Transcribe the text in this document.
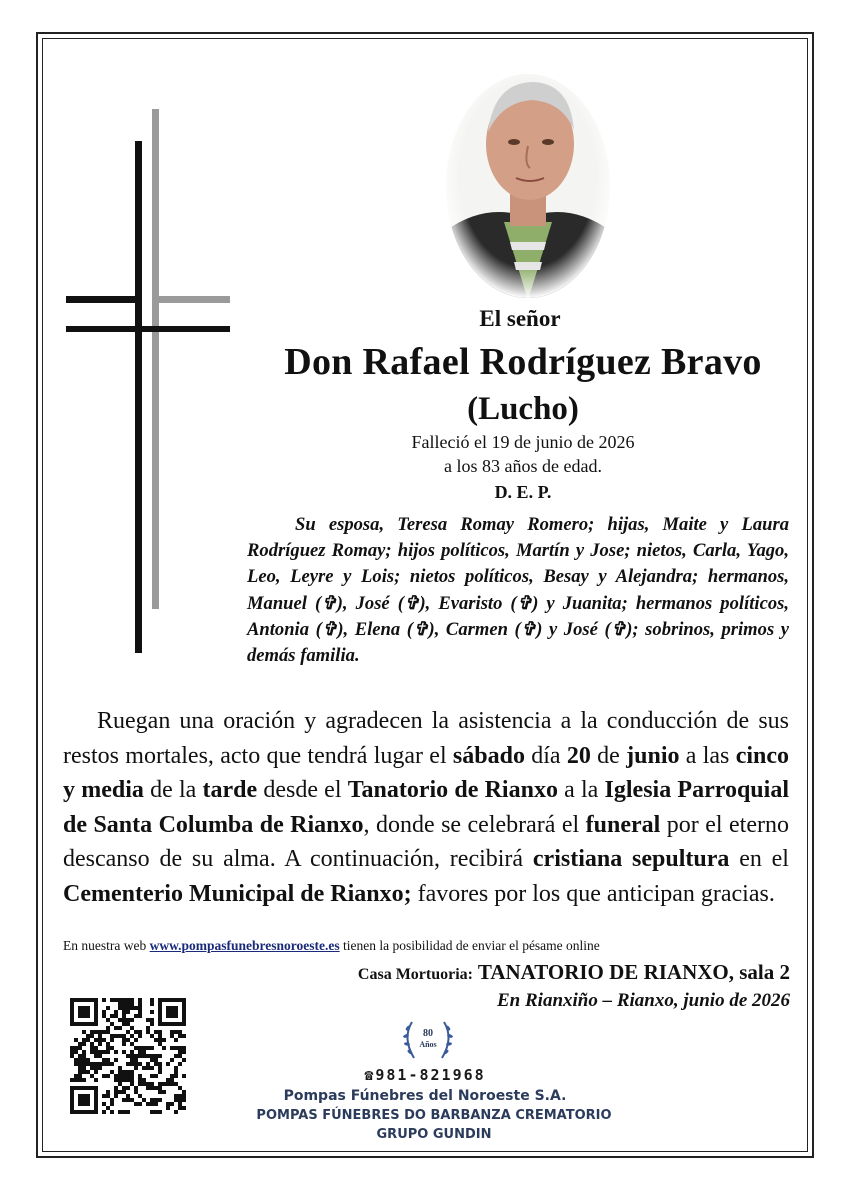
El señor
Don Rafael Rodríguez Bravo
(Lucho)
Falleció el 19 de junio de 2026
a los 83 años de edad.
D. E. P.

Su esposa, Teresa Romay Romero; hijas, Maite y Laura Rodríguez Romay; hijos políticos, Martín y Jose; nietos, Carla, Yago, Leo, Leyre y Lois; nietos políticos, Besay y Alejandra; hermanos, Manuel (✞), José (✞), Evaristo (✞) y Juanita; hermanos políticos, Antonia (✞), Elena (✞), Carmen (✞) y José (✞); sobrinos, primos y demás familia.

Ruegan una oración y agradecen la asistencia a la conducción de sus restos mortales, acto que tendrá lugar el sábado día 20 de junio a las cinco y media de la tarde desde el Tanatorio de Rianxo a la Iglesia Parroquial de Santa Columba de Rianxo, donde se celebrará el funeral por el eterno descanso de su alma. A continuación, recibirá cristiana sepultura en el Cementerio Municipal de Rianxo; favores por los que anticipan gracias.

En nuestra web www.pompasfunebresnoroeste.es tienen la posibilidad de enviar el pésame online
Casa Mortuoria: TANATORIO DE RIANXO, sala 2
En Rianxiño – Rianxo, junio de 2026
80
Años
☎981-821968
Pompas Fúnebres del Noroeste S.A.
POMPAS FÚNEBRES DO BARBANZA CREMATORIO
GRUPO GUNDIN
